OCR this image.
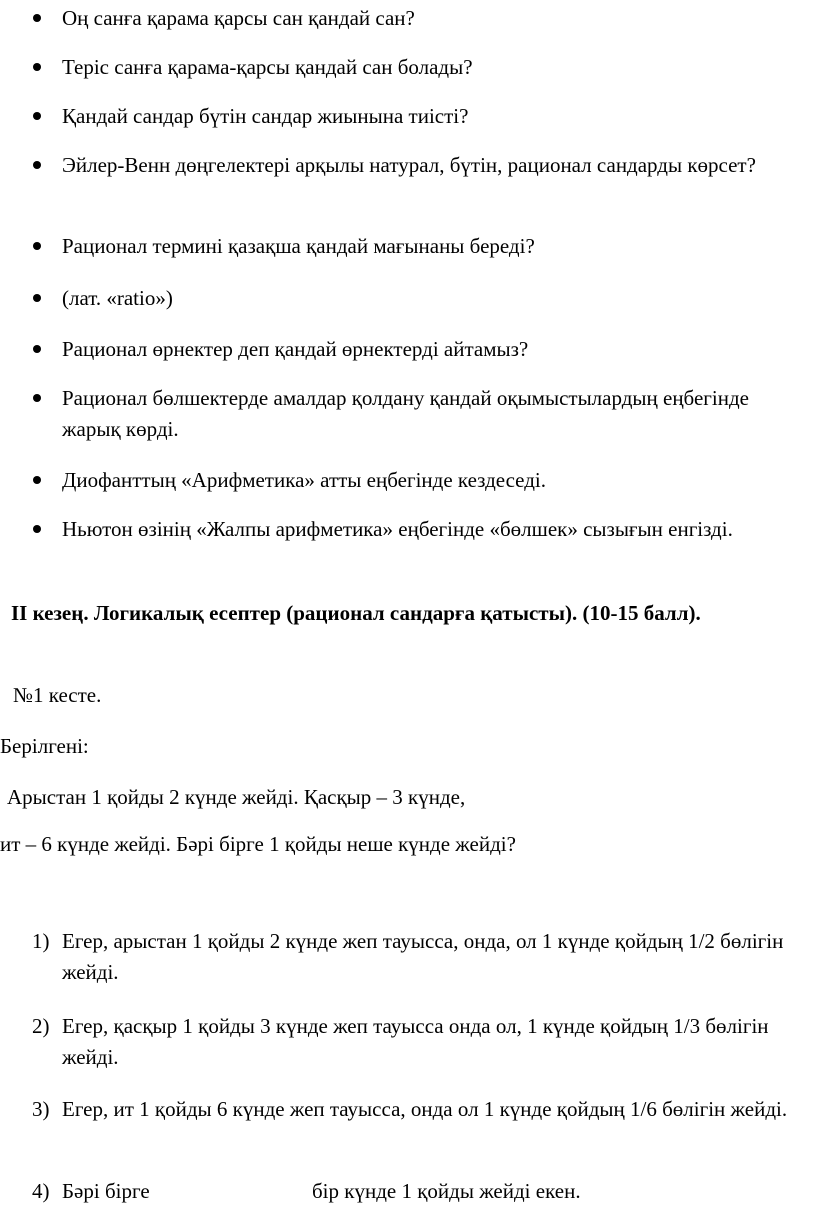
Оң санға қарама қарсы сан қандай сан?
Теріс санға қарама-қарсы қандай сан болады?
Қандай сандар бүтін сандар жиынына тиісті?
Эйлер-Венн дөңгелектері арқылы натурал, бүтін, рационал сандарды көрсет?
Рационал термині қазақша қандай мағынаны береді?
(лат. «ratio»)
Рационал өрнектер деп қандай өрнектерді айтамыз?
Рационал бөлшектерде амалдар қолдану қандай оқымыстылардың еңбегінде жарық көрді.
Диофанттың «Арифметика» атты еңбегінде кездеседі.
Ньютон өзінің «Жалпы арифметика» еңбегінде «бөлшек» сызығын енгізді.
ІІ кезең. Логикалық есептер (рационал сандарға қатысты). (10-15 балл).
№1 кесте.
Берілгені:
Арыстан 1 қойды 2 күнде жейді. Қасқыр – 3 күнде,
ит – 6 күнде жейді. Бәрі бірге 1 қойды неше күнде жейді?
1) Егер, арыстан 1 қойды 2 күнде жеп тауысса, онда, ол 1 күнде қойдың 1/2 бөлігін жейді.
2) Егер, қасқыр 1 қойды 3 күнде жеп тауысса онда ол, 1 күнде қойдың 1/3 бөлігін жейді.
3) Егер, ит 1 қойды 6 күнде жеп тауысса, онда ол 1 күнде қойдың 1/6 бөлігін жейді.
4) Бәрі бірге	бір күнде 1 қойды жейді екен.
